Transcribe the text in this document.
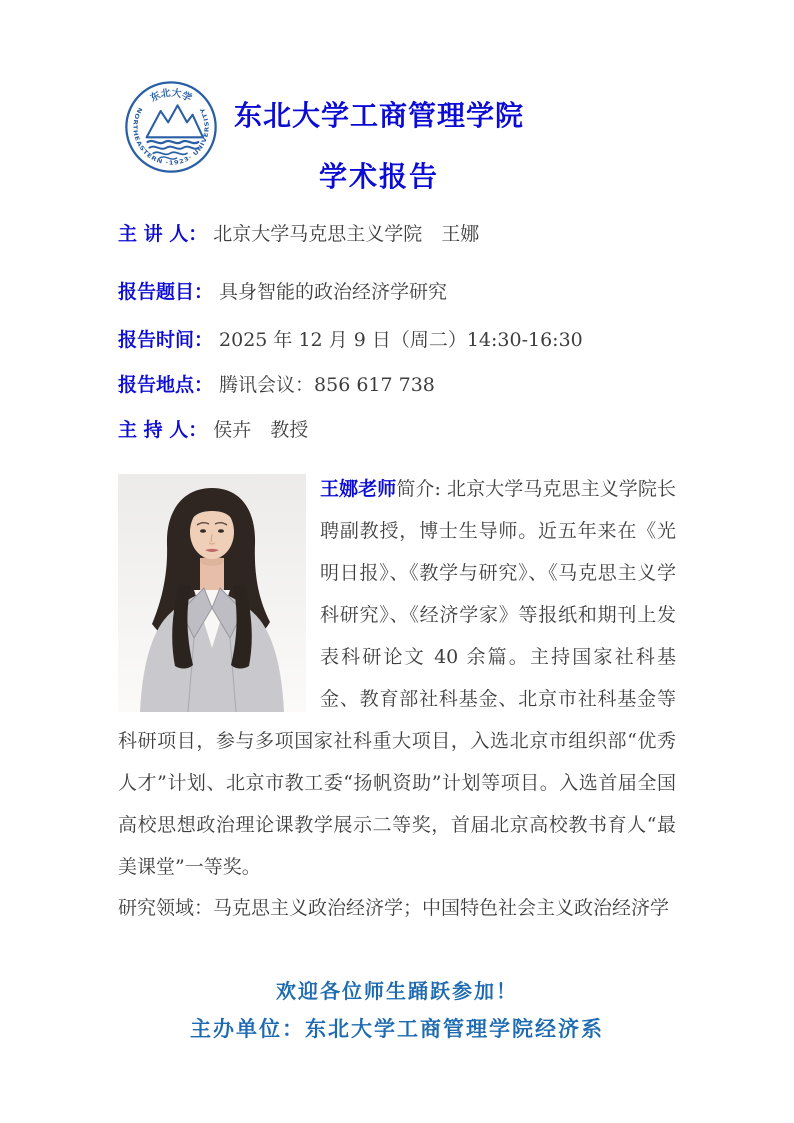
东北大学
NORTHEASTERN ·1923· UNIVERSITY 东北大学工商管理学院
学术报告
主 讲 人： 北京大学马克思主义学院　王娜
报告题目： 具身智能的政治经济学研究
报告时间： 2025 年 12 月 9 日（周二）14:30-16:30
报告地点： 腾讯会议：856 617 738
主 持 人： 侯卉　教授

王娜老师简介: 北京大学马克思主义学院长聘副教授，博士生导师。近五年来在《光明日报》、《教学与研究》、《马克思主义学科研究》、《经济学家》等报纸和期刊上发表科研论文 40 余篇。主持国家社科基金、教育部社科基金、北京市社科基金等科研项目，参与多项国家社科重大项目，入选北京市组织部“优秀人才”计划、北京市教工委“扬帆资助”计划等项目。入选首届全国高校思想政治理论课教学展示二等奖，首届北京高校教书育人“最美课堂”一等奖。

研究领域：马克思主义政治经济学；中国特色社会主义政治经济学

欢迎各位师生踊跃参加！

主办单位：东北大学工商管理学院经济系
